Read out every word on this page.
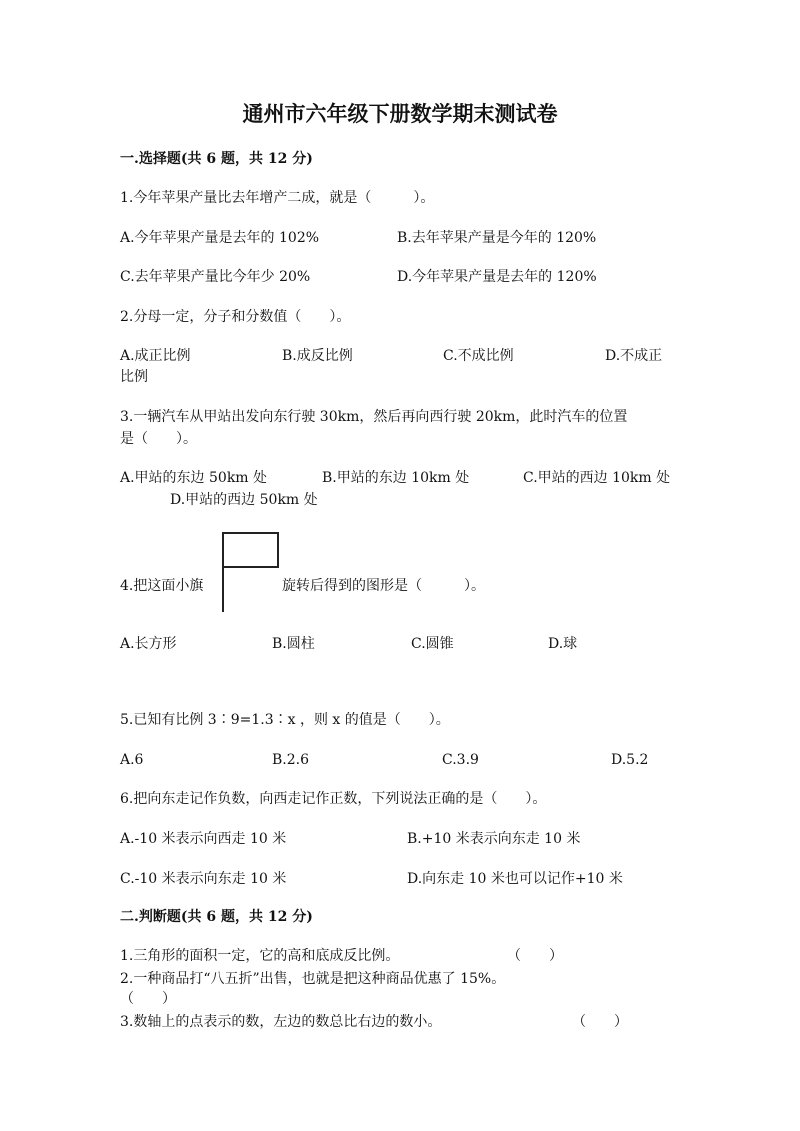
通州市六年级下册数学期末测试卷
一.选择题(共 6 题，共 12 分)
1.今年苹果产量比去年增产二成，就是（　　　）。
A.今年苹果产量是去年的 102%	B.去年苹果产量是今年的 120%
C.去年苹果产量比今年少 20%	D.今年苹果产量是去年的 120%
2.分母一定，分子和分数值（　　）。
A.成正比例	B.成反比例	C.不成比例	D.不成正
比例
3.一辆汽车从甲站出发向东行驶 30km，然后再向西行驶 20km，此时汽车的位置
是（　　）。
A.甲站的东边 50km 处	B.甲站的东边 10km 处	C.甲站的西边 10km 处
D.甲站的西边 50km 处
4.把这面小旗	旋转后得到的图形是（　　　）。
A.长方形	B.圆柱	C.圆锥	D.球
5.已知有比例 3∶9=1.3∶x ，则 x 的值是（　　）。
A.6	B.2.6	C.3.9	D.5.2
6.把向东走记作负数，向西走记作正数，下列说法正确的是（　　）。
A.-10 米表示向西走 10 米	B.+10 米表示向东走 10 米
C.-10 米表示向东走 10 米	D.向东走 10 米也可以记作+10 米
二.判断题(共 6 题，共 12 分)
1.三角形的面积一定，它的高和底成反比例。	（　　）
2.一种商品打“八五折”出售，也就是把这种商品优惠了 15%。
（　　）
3.数轴上的点表示的数，左边的数总比右边的数小。	（　　）
